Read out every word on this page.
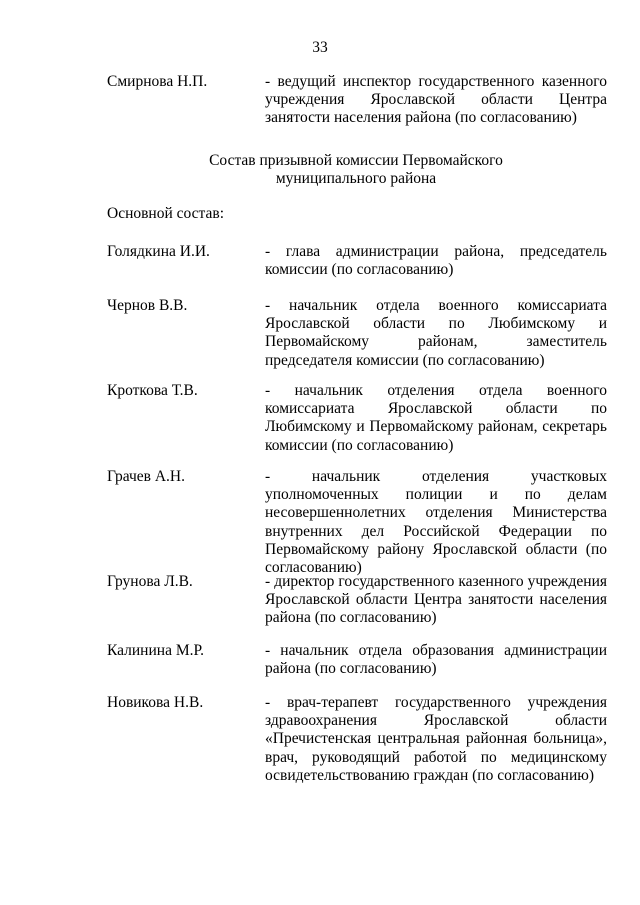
33
Смирнова Н.П.	- ведущий инспектор государственного казенного учреждения Ярославской области Центра занятости населения района (по согласованию)
Состав призывной комиссии Первомайского
муниципального района
Основной состав:
Голядкина И.И.	- глава администрации района, председатель комиссии (по согласованию)
Чернов В.В.	- начальник отдела военного комиссариата Ярославской области по Любимскому и Первомайскому районам, заместитель председателя комиссии (по согласованию)
Кроткова Т.В.	- начальник отделения отдела военного комиссариата Ярославской области по Любимскому и Первомайскому районам, секретарь комиссии (по согласованию)
Грачев А.Н.	- начальник отделения участковых уполномоченных полиции и по делам несовершеннолетних отделения Министерства внутренних дел Российской Федерации по Первомайскому району Ярославской области (по согласованию)
Грунова Л.В.	- директор государственного казенного учреждения Ярославской области Центра занятости населения района (по согласованию)
Калинина М.Р.	- начальник отдела образования администрации района (по согласованию)
Новикова Н.В.	- врач-терапевт государственного учреждения здравоохранения Ярославской области «Пречистенская центральная районная больница», врач, руководящий работой по медицинскому освидетельствованию граждан (по согласованию)
